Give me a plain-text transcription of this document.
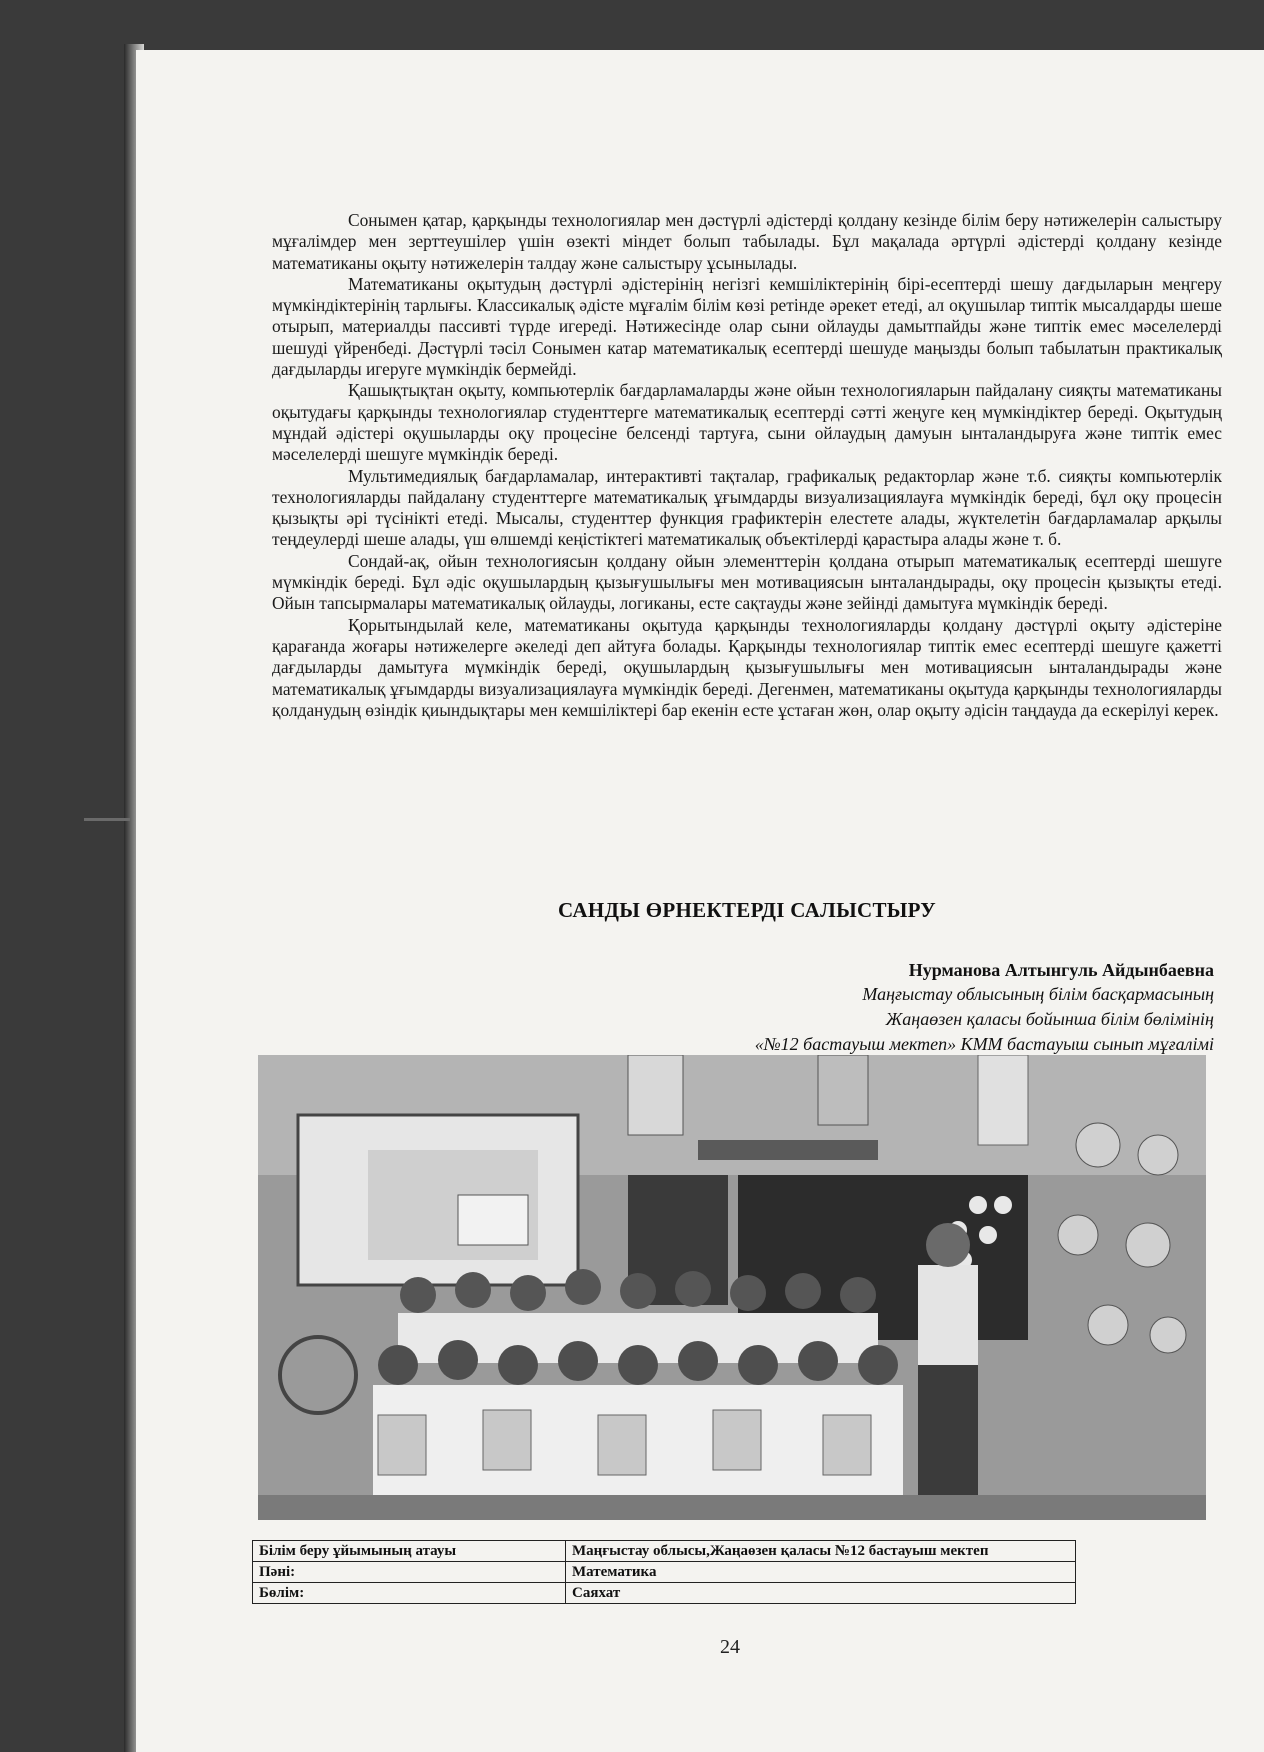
Сонымен қатар, қарқынды технологиялар мен дәстүрлі әдістерді қолдану кезінде білім беру нәтижелерін салыстыру мұғалімдер мен зерттеушілер үшін өзекті міндет болып табылады. Бұл мақалада әртүрлі әдістерді қолдану кезінде математиканы оқыту нәтижелерін талдау және салыстыру ұсынылады.

Математиканы оқытудың дәстүрлі әдістерінің негізгі кемшіліктерінің бірі-есептерді шешу дағдыларын меңгеру мүмкіндіктерінің тарлығы. Классикалық әдісте мұғалім білім көзі ретінде әрекет етеді, ал оқушылар типтік мысалдарды шеше отырып, материалды пассивті түрде игереді. Нәтижесінде олар сыни ойлауды дамытпайды және типтік емес мәселелерді шешуді үйренбеді. Дәстүрлі тәсіл Сонымен катар математикалық есептерді шешуде маңызды болып табылатын практикалық дағдыларды игеруге мүмкіндік бермейді.

Қашықтықтан оқыту, компьютерлік бағдарламаларды және ойын технологияларын пайдалану сияқты математиканы оқытудағы қарқынды технологиялар студенттерге математикалық есептерді сәтті жеңуге кең мүмкіндіктер береді. Оқытудың мұндай әдістері оқушыларды оқу процесіне белсенді тартуға, сыни ойлаудың дамуын ынталандыруға және типтік емес мәселелерді шешуге мүмкіндік береді.

Мультимедиялық бағдарламалар, интерактивті тақталар, графикалық редакторлар және т.б. сияқты компьютерлік технологияларды пайдалану студенттерге математикалық ұғымдарды визуализациялауға мүмкіндік береді, бұл оқу процесін қызықты әрі түсінікті етеді. Мысалы, студенттер функция графиктерін елестете алады, жүктелетін бағдарламалар арқылы теңдеулерді шеше алады, үш өлшемді кеңістіктегі математикалық объектілерді қарастыра алады және т. б.

Сондай-ақ, ойын технологиясын қолдану ойын элементтерін қолдана отырып математикалық есептерді шешуге мүмкіндік береді. Бұл әдіс оқушылардың қызығушылығы мен мотивациясын ынталандырады, оқу процесін қызықты етеді. Ойын тапсырмалары математикалық ойлауды, логиканы, есте сақтауды және зейінді дамытуға мүмкіндік береді.

Қорытындылай келе, математиканы оқытуда қарқынды технологияларды қолдану дәстүрлі оқыту әдістеріне қарағанда жоғары нәтижелерге әкеледі деп айтуға болады. Қарқынды технологиялар типтік емес есептерді шешуге қажетті дағдыларды дамытуға мүмкіндік береді, оқушылардың қызығушылығы мен мотивациясын ынталандырады және математикалық ұғымдарды визуализациялауға мүмкіндік береді. Дегенмен, математиканы оқытуда қарқынды технологияларды қолданудың өзіндік қиындықтары мен кемшіліктері бар екенін есте ұстаған жөн, олар оқыту әдісін таңдауда да ескерілуі керек.

САНДЫ ӨРНЕКТЕРДІ САЛЫСТЫРУ
Нурманова Алтынгуль Айдынбаевна
Маңғыстау облысының білім басқармасының
Жаңаөзен қаласы бойынша білім бөлімінің
«№12 бастауыш мектеп» КММ бастауыш сынып мұғалімі
Білім беру ұйымының атауы	Маңғыстау облысы,Жаңаөзен қаласы №12 бастауыш мектеп
Пәні:	Математика
Бөлім:	Саяхат
24
